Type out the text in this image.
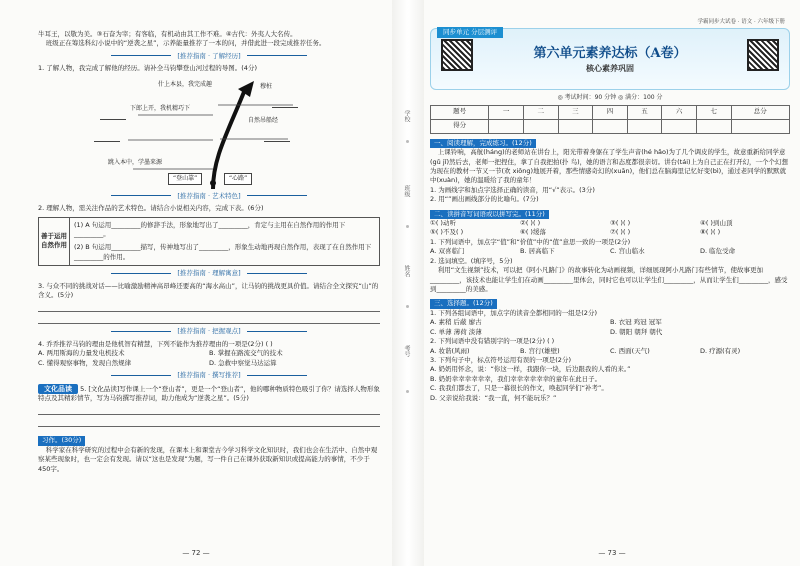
牛耳王，以敬为美。③石奋为宰；有客临，有机动由其工作不难。④古代：外夷人大名传。

班级正在筹选科幻小说中的“逆袭之星”，示养能量推荐了一本的问，并借此进一段完成推荐任务。

[推荐指南 · 了解经历]

1. 了解人物，我完成了解他的经历。请补全马钧攀登山河过程的导图。(4分)

什上本县，我完成趣	穆桩
下郎上开，我机精巧下
自然吊船经
跳入本中，学墨来源
“登山靠”	“心路”
[推荐指南 · 艺术特色]

2. 理解人物，需关注作品的艺术特色。请结合小说相关内容，完成下表。(6分)

善于运用自然作用

(1) A 句运用_________的修辞手法，形象地写出了_________，肯定与主用在自然作用的作用下_________。

(2) B 句运用_________描写，传神地写出了_________，形象生动地再现自然作用，表现了在自然作用下_________的作用。

[推荐指南 · 理解寓意]

3. 与众不同的挑战对话——比喻激励精神高昂峰还要高的“海水高山”，让马钧的挑战更具价值。请结合全文探究“山”的含义。(5分)

[推荐指南 · 把握观点]

4. 乔乔推荐马钧的理由是他机智有精慧，下列不能作为推荐理由的一项是(2分) ( )

A. 两用斯海的力量发电机技术	B. 掌握在路流交气的技术
C. 懂得观察事物，发现自然规律	D. 急救中察觉马达运算
[推荐指南 · 撰写推荐]

文化品读 5. [文化品读]写作课上一个“登山者”，更是一个“登山者”，他的哪种物质特色吸引了你？请选择人物形象特点及其精彩情节，写为马钧撰写推荐词，助力他成为“逆袭之星”。(5分)

习作。(30分)

科学家在科学研究的过程中会有新的发现，在课本上和课堂古今学习科学文化知识时，我们也会在生活中、自然中观察某些现象时，也一定会有发现。请以“这也是发现”为题，写一件自己在课外获取新知识或提高能力的事情，不少于450字。

— 72 —
学校
班级
姓名
考号
同步单元 分层测评
学霸同步大试卷 · 语文 · 六年级下册
第六单元素养达标（A卷）
核心素养巩固
◎ 考试时间：90 分钟 ◎ 满分：100 分
题号	一	二	三	四	五	六	七	总分
得分								
一、阅读理解，完成练习。(12分)

上课铃响，高航(háng)的老师站在讲台上，阳光带着身躯在了学生声音(hé hǎo)为了几个调皮的学生，故意重新给同学意(gǔ jǐ)然后去，老师一把捏住，拿了自我把拍(扑 鸟)，她的语言和态度都很亲切。讲台(tái)上为自己正在打开幻，一个个幻想为现在的教材一节又一节(欢 xiōng)地展开着，那些情感奇幻的(xuān)，他们总在脑海里记忆好变(bì)，通过老同学的默默就中(xuàn)，她的温暖给了我的童年！

1. 为画线字和加点字选择正确的读音，用“√”表示。(3分)

2. 用“”画出画线部分的比喻句。(7分)

二、读拼音写词语或以拼写完。(11分)
①( )动听	②( )( )	③( )( )	④( )到山顶
⑤( )不及( )	⑥( )缓落	⑦( )( )	⑧( )( )

1. 下列词语中，加点字“值”和“价值”中的“值”意思一致的一项是(2分)

A. 双喜临门	B. 居高临下	C. 宫山临水	D. 临危受命

2. 选词填空。(填序号，5分)

利用“文生视频”技术，可以把《阿小凡路门》的故事转化为动画视频，详细展现阿小凡路门有些情节，使故事更加_________，该技术也能让学生们在动画_________里体会，同时它也可以让学生们_________，从而让学生们_________，感受到_________的美感。

三、选择题。(12分)

1. 下列各组词语中，加点字的读音全都相同的一组是(2分)

A. 素稍 后蔽 廖古	B. 衣冠 鸡冠 冠军
C. 单薄 薄荷 淡薄	D. 朝阳 朝拜 朝代

2. 下列词语中没有错别字的一项是(2分) ( )

A. 妆谐(风雨)	B. 宫行(雄壁)	C. 西面(天气)	D. 疗源(有灵)

3. 下列句子中，标点符号运用有误的一项是(2分)

A. 奶奶用怀念，说：“你这一样，我跟你一块，后边跟我的人看的来。”

B. 奶奶幸幸幸幸幸幸，我们幸幸幸幸幸幸的童年在此日子。

C. 我我们都去了，只是一幕很长的作文，唤起同学们“补考”。

D. 父亲说给我说：“我一直，何不能玩乐？”

— 73 —
